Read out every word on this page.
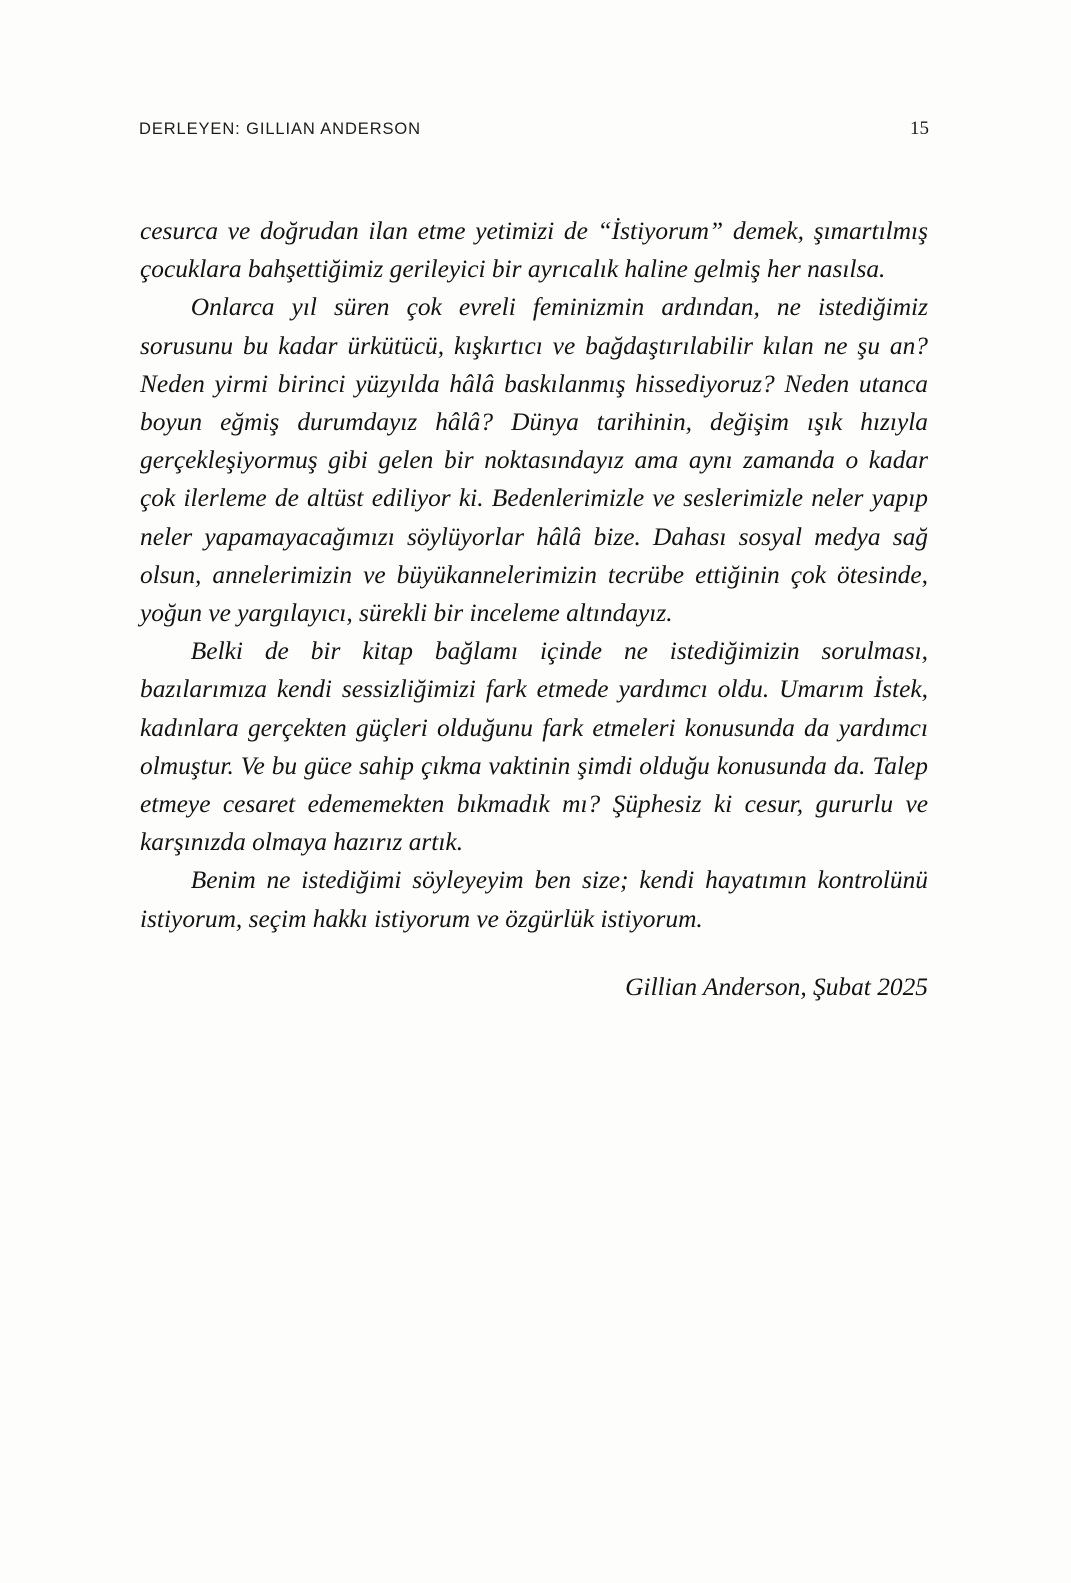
DERLEYEN: GILLIAN ANDERSON	15

cesurca ve doğrudan ilan etme yetimizi de “İstiyorum” demek, şımartılmış çocuklara bahşettiğimiz gerileyici bir ayrıcalık haline gelmiş her nasılsa.

Onlarca yıl süren çok evreli feminizmin ardından, ne istediğimiz sorusunu bu kadar ürkütücü, kışkırtıcı ve bağdaştırılabilir kılan ne şu an? Neden yirmi birinci yüzyılda hâlâ baskılanmış hissediyoruz? Neden utanca boyun eğmiş durumdayız hâlâ? Dünya tarihinin, değişim ışık hızıyla gerçekleşiyormuş gibi gelen bir noktasındayız ama aynı zamanda o kadar çok ilerleme de altüst ediliyor ki. Bedenlerimizle ve seslerimizle neler yapıp neler yapamayacağımızı söylüyorlar hâlâ bize. Dahası sosyal medya sağ olsun, annelerimizin ve büyükannelerimizin tecrübe ettiğinin çok ötesinde, yoğun ve yargılayıcı, sürekli bir inceleme altındayız.

Belki de bir kitap bağlamı içinde ne istediğimizin sorulması, bazılarımıza kendi sessizliğimizi fark etmede yardımcı oldu. Umarım İstek, kadınlara gerçekten güçleri olduğunu fark etmeleri konusunda da yardımcı olmuştur. Ve bu güce sahip çıkma vaktinin şimdi olduğu konusunda da. Talep etmeye cesaret edememekten bıkmadık mı? Şüphesiz ki cesur, gururlu ve karşınızda olmaya hazırız artık.

Benim ne istediğimi söyleyeyim ben size; kendi hayatımın kontrolünü istiyorum, seçim hakkı istiyorum ve özgürlük istiyorum.

Gillian Anderson, Şubat 2025
